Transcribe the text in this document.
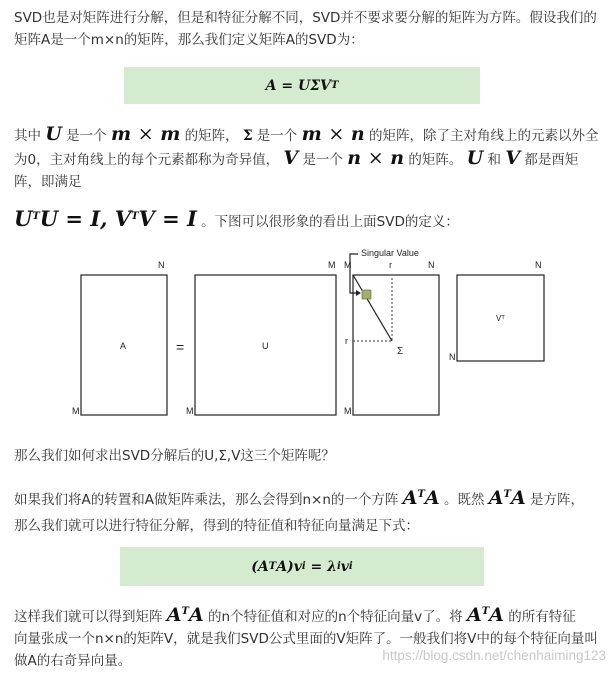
SVD也是对矩阵进行分解，但是和特征分解不同，SVD并不要求要分解的矩阵为方阵。假设我们的
矩阵A是一个m×n的矩阵，那么我们定义矩阵A的SVD为：

A
=
UΣV T

其中 U 是一个 m × m 的矩阵， Σ 是一个 m × n 的矩阵，除了主对角线上的元素以外全
为0，主对角线上的每个元素都称为奇异值， V 是一个 n × n 的矩阵。 U 和 V 都是酉矩
阵，即满足

$U^TU = I$, $V^TV = I$ 。下图可以很形象的看出上面SVD的定义：

N
M
A	=
M
M
U
M
M
N
r
r
Σ
Singular Value
N
N
Vᵀ

那么我们如何求出SVD分解后的U,Σ,V这三个矩阵呢？

如果我们将A的转置和A做矩阵乘法，那么会得到n×n的一个方阵 $A^TA$ 。既然 $A^TA$ 是方阵，
那么我们就可以进行特征分解，得到的特征值和特征向量满足下式：

(A T A)v i
=
λ i v i

这样我们就可以得到矩阵 $A^TA$ 的n个特征值和对应的n个特征向量v了。将 $A^TA$ 的所有特征
向量张成一个n×n的矩阵V，就是我们SVD公式里面的V矩阵了。一般我们将V中的每个特征向量叫
做A的右奇异向量。	https://blog.csdn.net/chenhaiming123
